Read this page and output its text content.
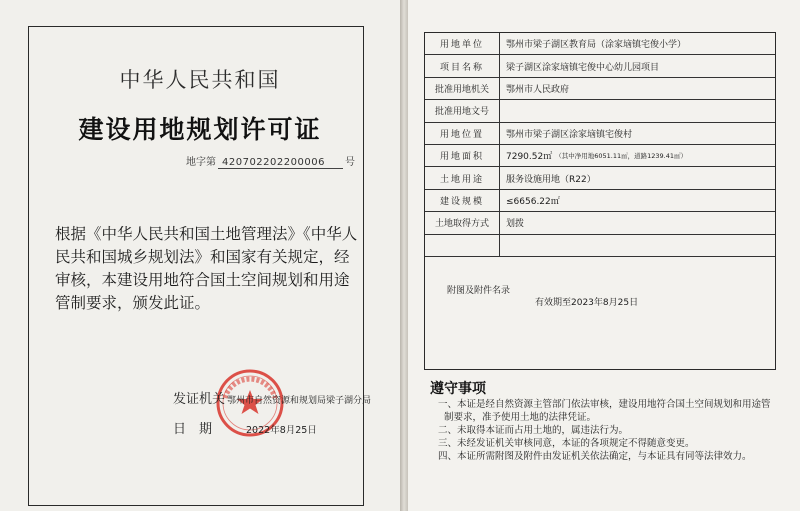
中华人民共和国
建设用地规划许可证
地字第 420702202200006 号
根据《中华人民共和国土地管理法》《中华人民共和国城乡规划法》和国家有关规定，经审核，本建设用地符合国土空间规划和用途管制要求，颁发此证。
发证机关 鄂州市自然资源和规划局梁子湖分局
日　期	2022年8月25日
用地单位	鄂州市梁子湖区教育局（涂家垴镇宅俊小学）
项目名称	梁子湖区涂家垴镇宅俊中心幼儿园项目
批准用地机关	鄂州市人民政府
批准用地文号
用地位置	鄂州市梁子湖区涂家垴镇宅俊村
用地面积	7290.52㎡ （其中净用地6051.11㎡，道路1239.41㎡）
土地用途	服务设施用地（R22）
建设规模	≤6656.22㎡
土地取得方式	划拨
附图及附件名录
有效期至2023年8月25日
遵守事项
一、本证是经自然资源主管部门依法审核，建设用地符合国土空间规划和用途管制要求，准予使用土地的法律凭证。
二、未取得本证而占用土地的，属违法行为。
三、未经发证机关审核同意，本证的各项规定不得随意变更。
四、本证所需附图及附件由发证机关依法确定，与本证具有同等法律效力。
